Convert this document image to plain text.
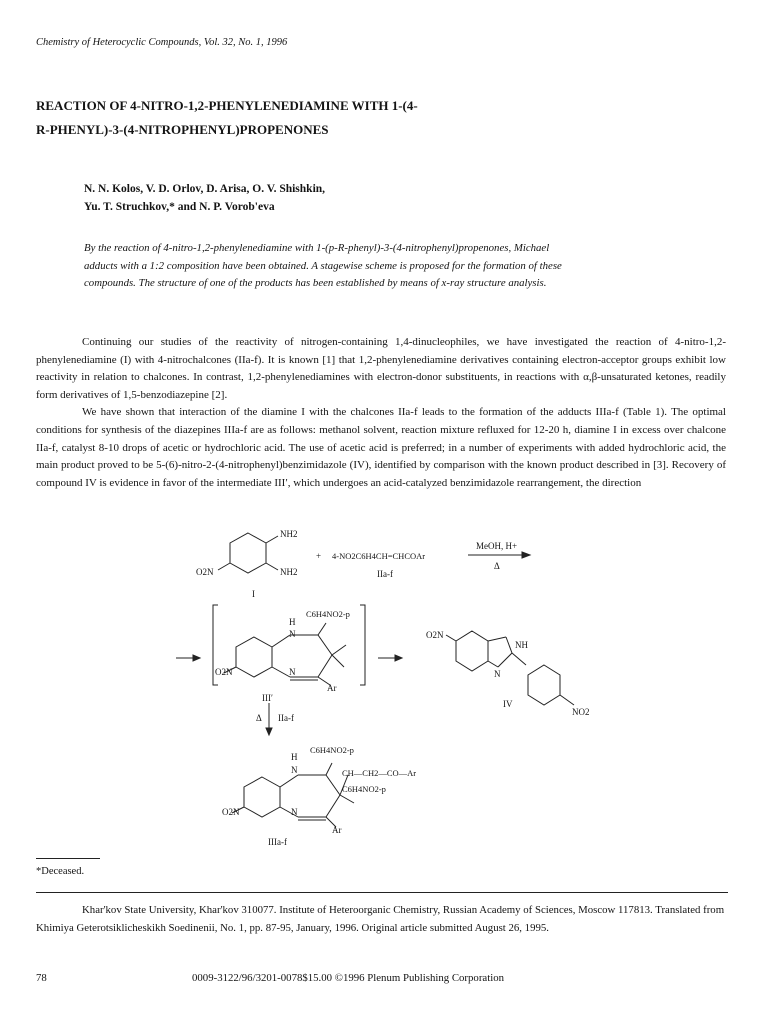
Chemistry of Heterocyclic Compounds, Vol. 32, No. 1, 1996
REACTION OF 4-NITRO-1,2-PHENYLENEDIAMINE WITH 1-(4-
R-PHENYL)-3-(4-NITROPHENYL)PROPENONES
N. N. Kolos, V. D. Orlov, D. Arisa, O. V. Shishkin,
Yu. T. Struchkov,* and N. P. Vorob'eva
By the reaction of 4-nitro-1,2-phenylenediamine with 1-(p-R-phenyl)-3-(4-nitrophenyl)propenones, Michael
adducts with a 1:2 composition have been obtained. A stagewise scheme is proposed for the formation of these
compounds. The structure of one of the products has been established by means of x-ray structure analysis.

Continuing our studies of the reactivity of nitrogen-containing 1,4-dinucleophiles, we have investigated the reaction of 4-nitro-1,2-phenylenediamine (I) with 4-nitrochalcones (IIa-f). It is known [1] that 1,2-phenylenediamine derivatives containing electron-acceptor groups exhibit low reactivity in relation to chalcones. In contrast, 1,2-phenylenediamines with electron-donor substituents, in reactions with α,β-unsaturated ketones, readily form derivatives of 1,5-benzodiazepine [2].

We have shown that interaction of the diamine I with the chalcones IIa-f leads to the formation of the adducts IIIa-f (Table 1). The optimal conditions for synthesis of the diazepines IIIa-f are as follows: methanol solvent, reaction mixture refluxed for 12-20 h, diamine I in excess over chalcone IIa-f, catalyst 8-10 drops of acetic or hydrochloric acid. The use of acetic acid is preferred; in a number of experiments with added hydrochloric acid, the main product proved to be 5-(6)-nitro-2-(4-nitrophenyl)benzimidazole (IV), identified by comparison with the known product described in [3]. Recovery of compound IV is evidence in favor of the intermediate III′, which undergoes an acid-catalyzed benzimidazole rearrangement, the direction

NH2
NH2
O2N
I
+ 4-NO2C6H4CH=CHCOAr
IIa-f
MeOH, H+
Δ
H
N
C6H4NO2-p
O2N	N
Ar
III′
O2N
NH
N
NO2
IV
Δ IIa-f
H
N
C6H4NO2-p
CH—CH2—CO—Ar
C6H4NO2-p
O2N	N
Ar
IIIa-f
*Deceased.

Khar'kov State University, Khar'kov 310077. Institute of Heteroorganic Chemistry, Russian Academy of Sciences, Moscow 117813. Translated from Khimiya Geterotsiklicheskikh Soedinenii, No. 1, pp. 87-95, January, 1996. Original article submitted August 26, 1995.

78	0009-3122/96/3201-0078$15.00 ©1996 Plenum Publishing Corporation
